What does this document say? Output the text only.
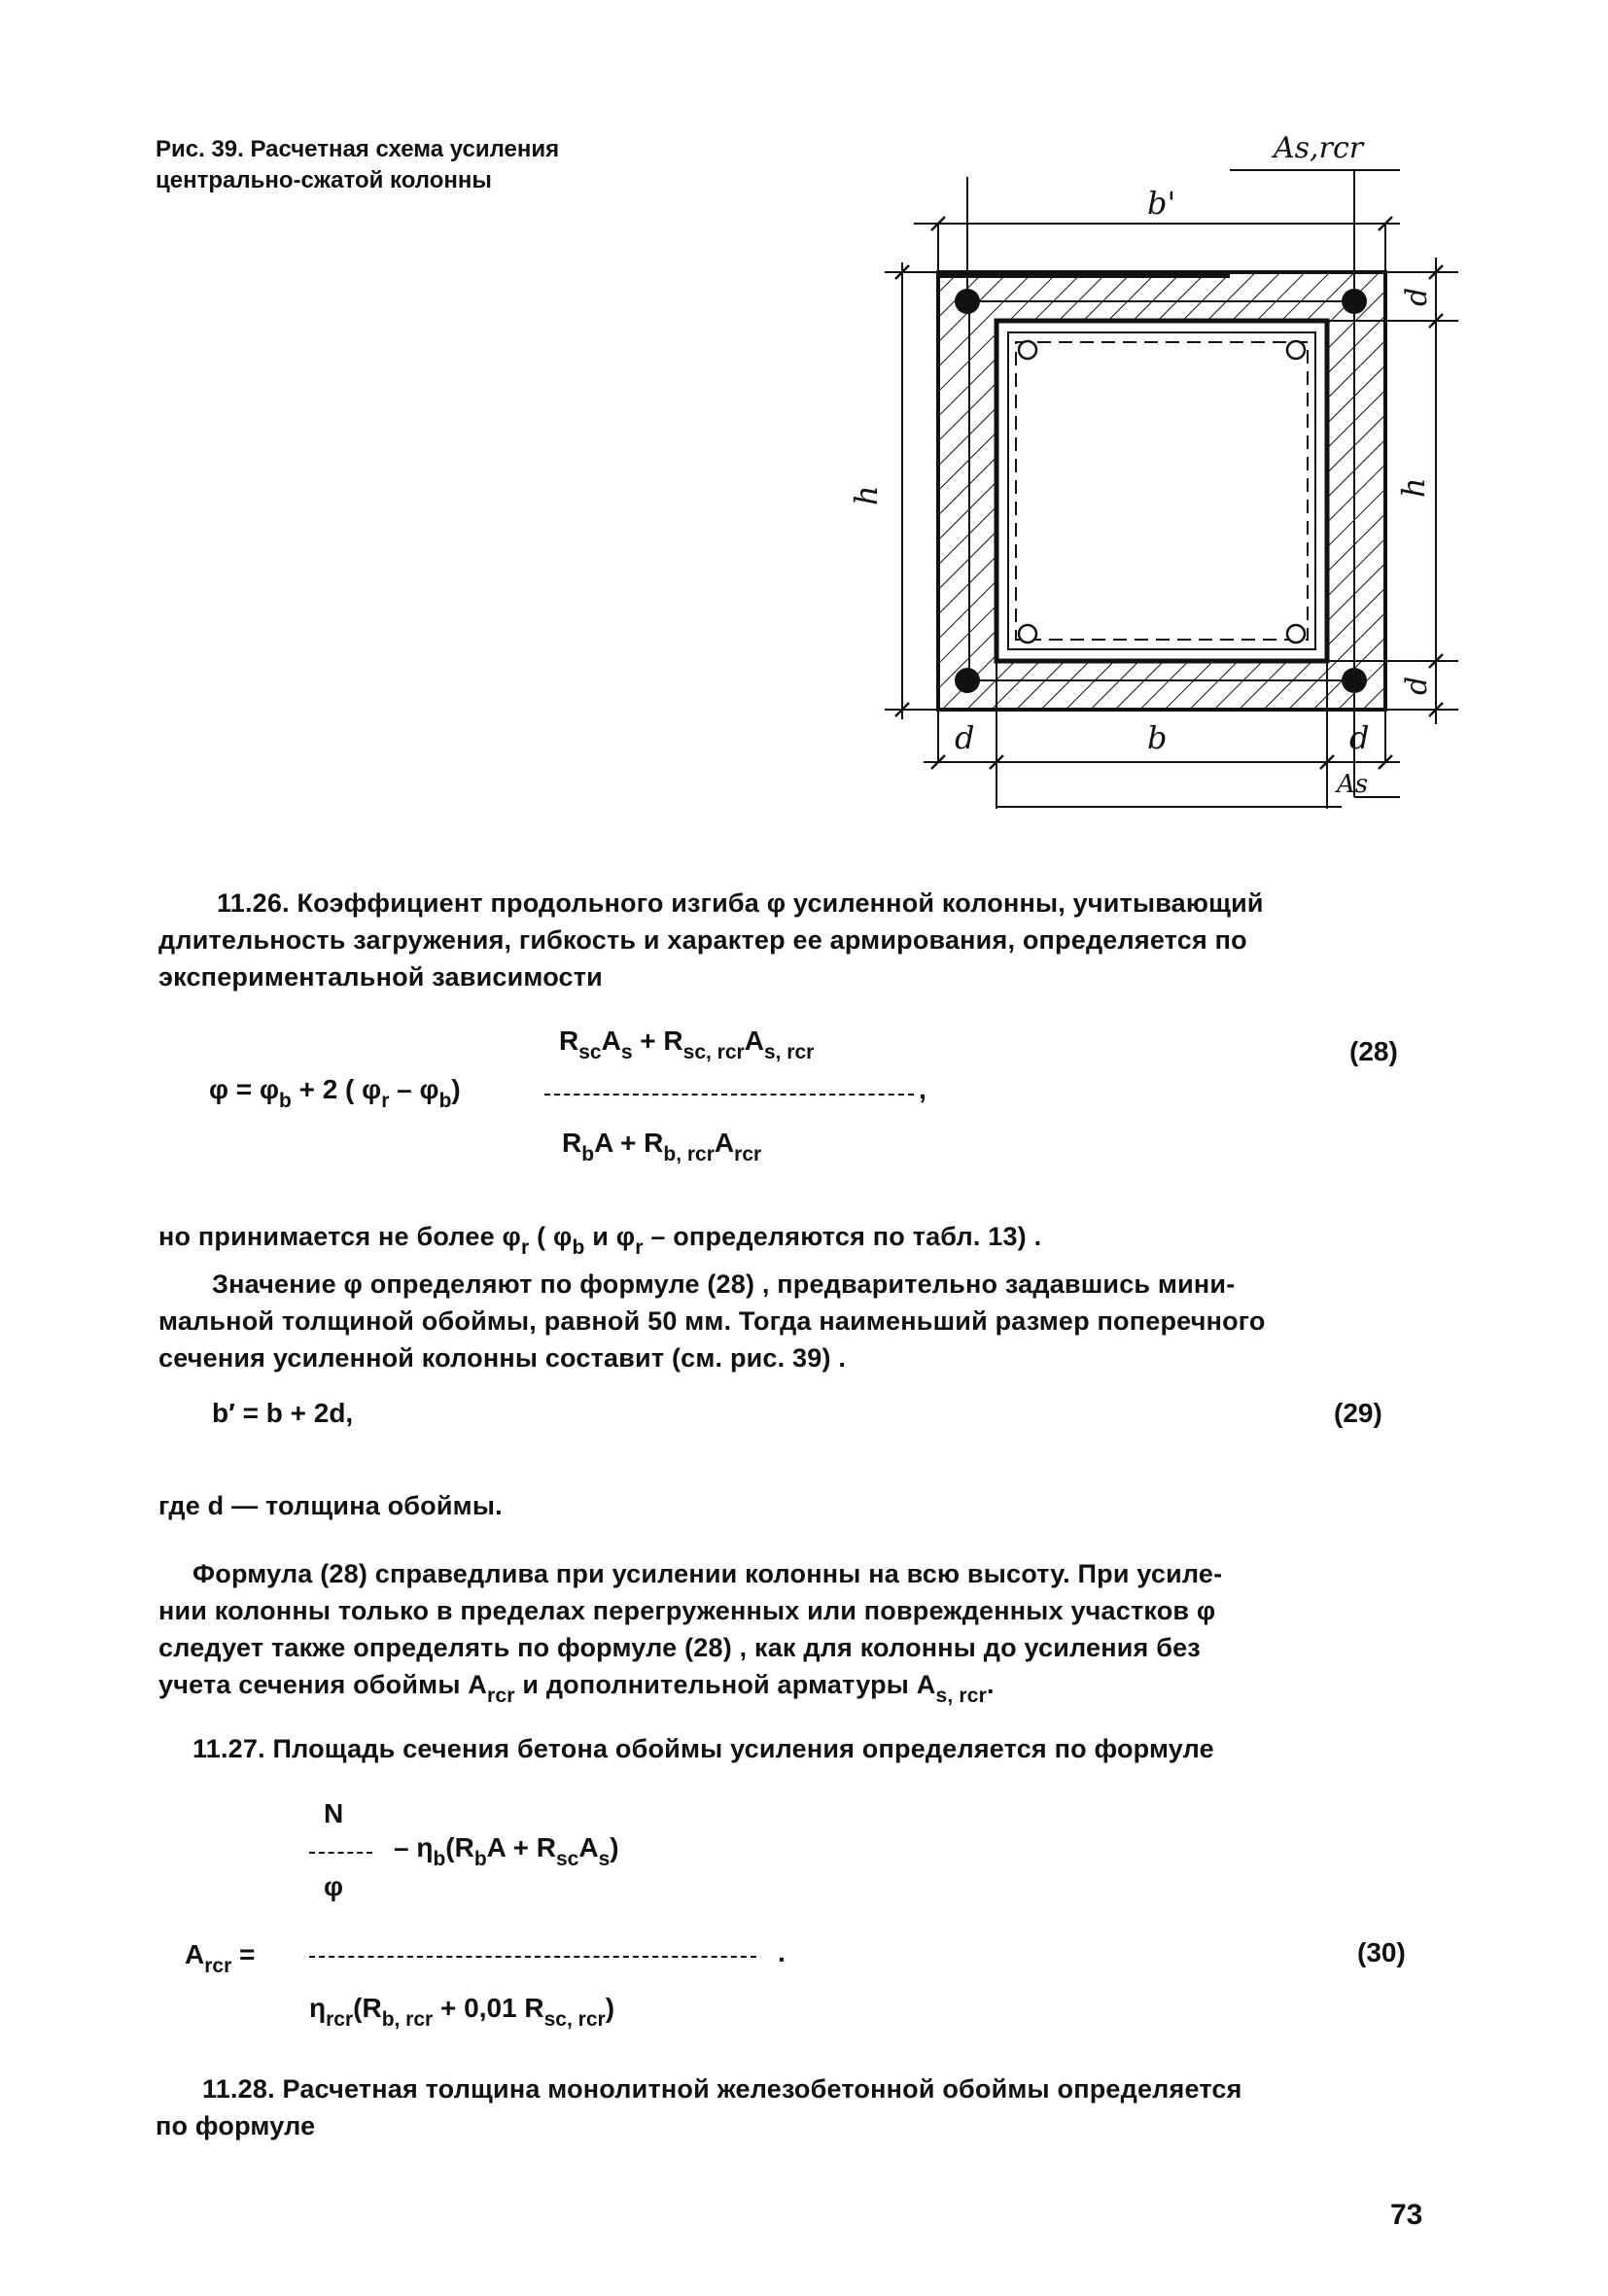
Рис. 39. Расчетная схема усиления
центрально-сжатой колонны
As,rcr
b'
h	h
d
d
d	b	d
As
11.26. Коэффициент продольного изгиба φ усиленной колонны, учитывающий
длительность загружения, гибкость и характер ее армирования, определяется по
экспериментальной зависимости
$R_{sc}A_s + R_{sc, rcr}A_{s, rcr}$
$\varphi = \varphi_b + 2$ ( $\varphi_r - \varphi_b$)	,
$R_bA + R_{b, rcr}A_{rcr}$
(28)
но принимается не более $\varphi_r$ ( $\varphi_b$ и $\varphi_r$ – определяются по табл. 13) .
Значение φ определяют по формуле (28) , предварительно задавшись мини-
мальной толщиной обоймы, равной 50 мм. Тогда наименьший размер поперечного
сечения усиленной колонны составит (см. рис. 39) .
b′ = b + 2d,	(29)
где d — толщина обоймы.
Формула (28) справедлива при усилении колонны на всю высоту. При усиле-
нии колонны только в пределах перегруженных или поврежденных участков φ
следует также определять по формуле (28) , как для колонны до усиления без
учета сечения обоймы $A_{rcr}$ и дополнительной арматуры $A_{s, rcr}$.
11.27. Площадь сечения бетона обоймы усиления определяется по формуле
N
– $\eta_b(R_bA + R_{sc}A_s)$
φ
$A_{rcr}$ =	.
$\eta_{rcr}(R_{b, rcr} + 0,01$ $R_{sc, rcr}$)
(30)
11.28. Расчетная толщина монолитной железобетонной обоймы определяется
по формуле
73
